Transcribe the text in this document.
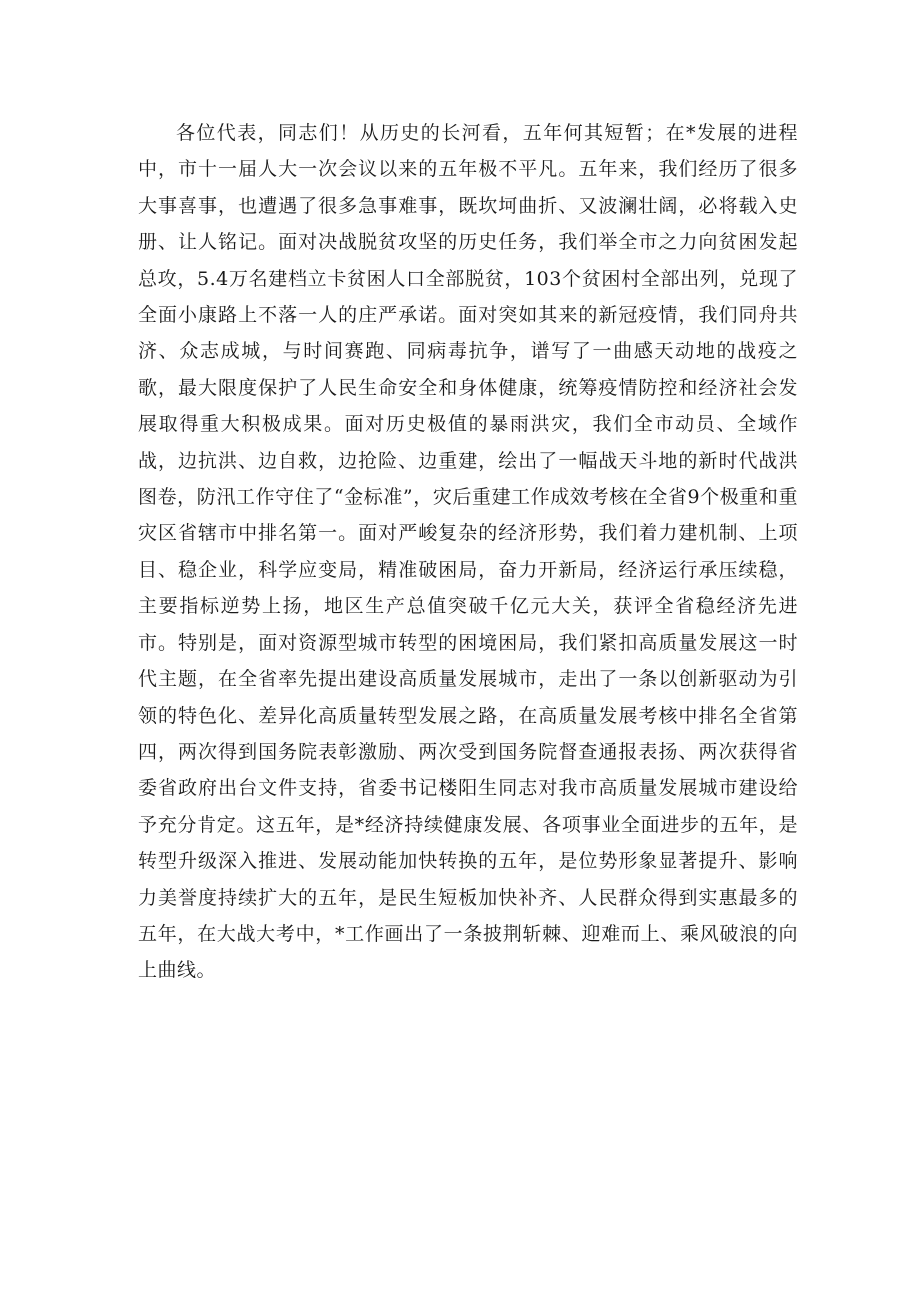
各位代表，同志们！从历史的长河看，五年何其短暂；在*发展的进程中，市十一届人大一次会议以来的五年极不平凡。五年来，我们经历了很多大事喜事，也遭遇了很多急事难事，既坎坷曲折、又波澜壮阔，必将载入史册、让人铭记。面对决战脱贫攻坚的历史任务，我们举全市之力向贫困发起总攻，5.4万名建档立卡贫困人口全部脱贫，103个贫困村全部出列，兑现了全面小康路上不落一人的庄严承诺。面对突如其来的新冠疫情，我们同舟共济、众志成城，与时间赛跑、同病毒抗争，谱写了一曲感天动地的战疫之歌，最大限度保护了人民生命安全和身体健康，统筹疫情防控和经济社会发展取得重大积极成果。面对历史极值的暴雨洪灾，我们全市动员、全域作战，边抗洪、边自救，边抢险、边重建，绘出了一幅战天斗地的新时代战洪图卷，防汛工作守住了“金标准”，灾后重建工作成效考核在全省9个极重和重灾区省辖市中排名第一。面对严峻复杂的经济形势，我们着力建机制、上项目、稳企业，科学应变局，精准破困局，奋力开新局，经济运行承压续稳，主要指标逆势上扬，地区生产总值突破千亿元大关，获评全省稳经济先进市。特别是，面对资源型城市转型的困境困局，我们紧扣高质量发展这一时代主题，在全省率先提出建设高质量发展城市，走出了一条以创新驱动为引领的特色化、差异化高质量转型发展之路，在高质量发展考核中排名全省第四，两次得到国务院表彰激励、两次受到国务院督查通报表扬、两次获得省委省政府出台文件支持，省委书记楼阳生同志对我市高质量发展城市建设给予充分肯定。这五年，是*经济持续健康发展、各项事业全面进步的五年，是转型升级深入推进、发展动能加快转换的五年，是位势形象显著提升、影响力美誉度持续扩大的五年，是民生短板加快补齐、人民群众得到实惠最多的五年，在大战大考中，*工作画出了一条披荆斩棘、迎难而上、乘风破浪的向上曲线。
